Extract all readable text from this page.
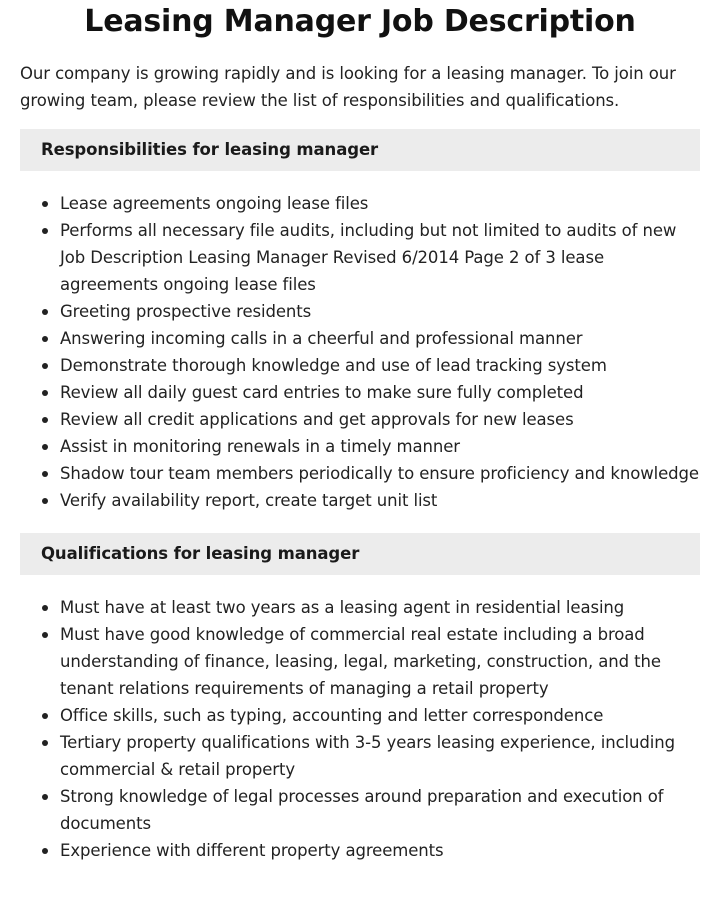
Leasing Manager Job Description

Our company is growing rapidly and is looking for a leasing manager. To join our growing team, please review the list of responsibilities and qualifications.

Responsibilities for leasing manager
Lease agreements ongoing lease files
Performs all necessary file audits, including but not limited to audits of new Job Description Leasing Manager Revised 6/2014 Page 2 of 3 lease agreements ongoing lease files
Greeting prospective residents
Answering incoming calls in a cheerful and professional manner
Demonstrate thorough knowledge and use of lead tracking system
Review all daily guest card entries to make sure fully completed
Review all credit applications and get approvals for new leases
Assist in monitoring renewals in a timely manner
Shadow tour team members periodically to ensure proficiency and knowledge
Verify availability report, create target unit list
Qualifications for leasing manager
Must have at least two years as a leasing agent in residential leasing
Must have good knowledge of commercial real estate including a broad understanding of finance, leasing, legal, marketing, construction, and the tenant relations requirements of managing a retail property
Office skills, such as typing, accounting and letter correspondence
Tertiary property qualifications with 3-5 years leasing experience, including commercial & retail property
Strong knowledge of legal processes around preparation and execution of documents
Experience with different property agreements
